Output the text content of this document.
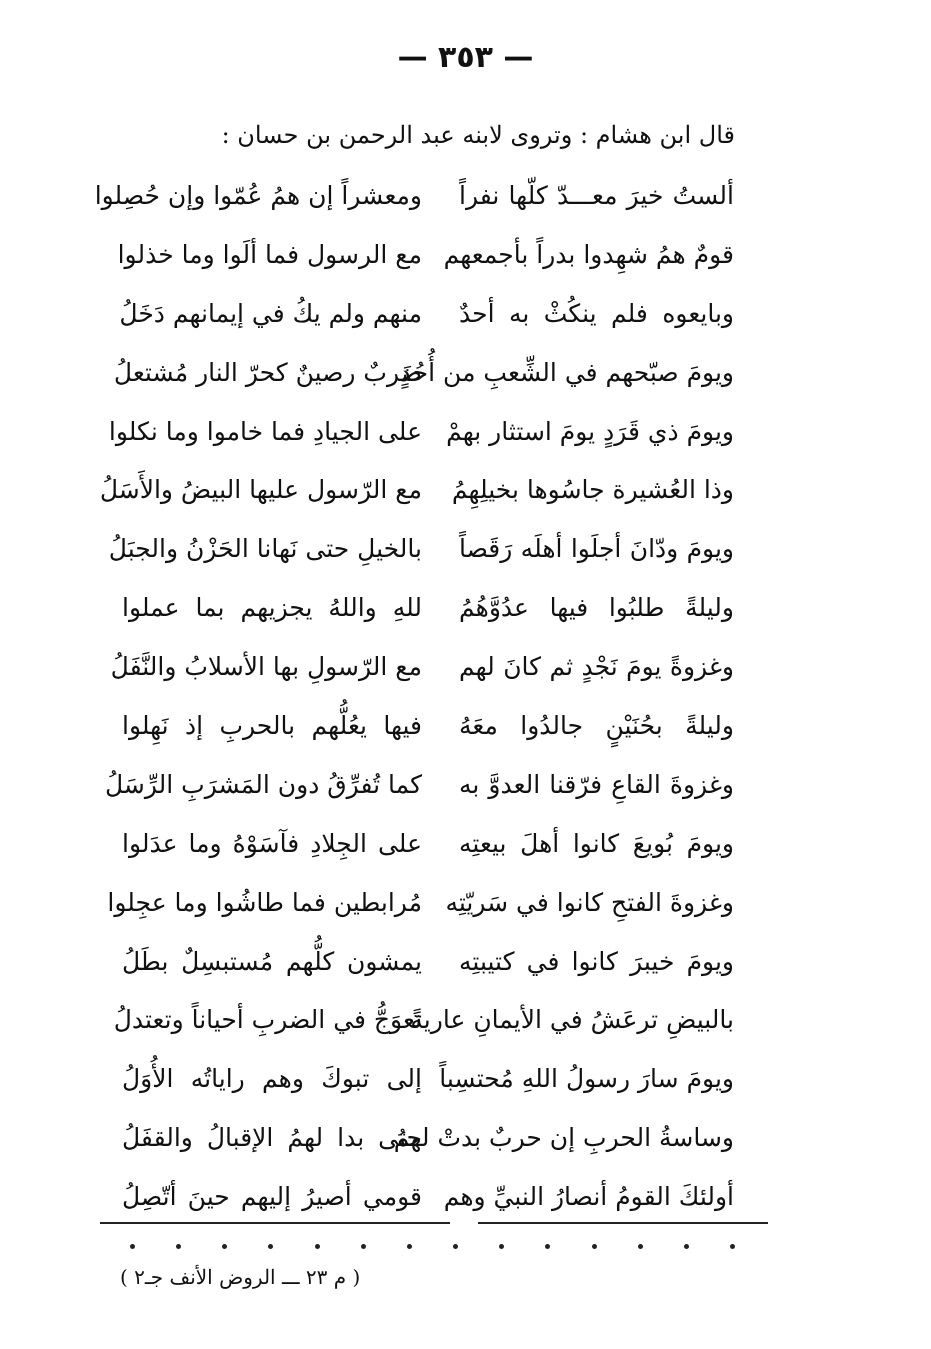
— ٣٥٣ —
قال ابن هشام : وتروى لابنه عبد الرحمن بن حسان :
ألستُ خيرَ معـــدّ كلّها نفراً
ومعشراً إن همُ عُمّوا وإن حُصِلوا
قومٌ همُ شهِدوا بدراً بأجمعهم
مع الرسول فما ألَوا وما خذلوا
وبايعوه فلم ينكُثْ به أحدٌ
منهم ولم يكُ في إيمانهم دَخَلُ
ويومَ صبّحهم في الشِّعبِ من أُحُدٍ
ضَربٌ رصينٌ كحرّ النار مُشتعلُ
ويومَ ذي قَرَدٍ يومَ استثار بهمْ
على الجيادِ فما خاموا وما نكلوا
وذا العُشيرة جاسُوها بخيلِهِمُ
مع الرّسول عليها البيضُ والأَسَلُ
ويومَ ودّانَ أجلَوا أهلَه رَقَصاً
بالخيلِ حتى نَهانا الحَزْنُ والجبَلُ
وليلةً طلبُوا فيها عدُوَّهُمُ
للهِ واللهُ يجزيهم بما عملوا
وغزوةً يومَ نَجْدٍ ثم كانَ لهم
مع الرّسولِ بها الأسلابُ والنَّفَلُ
وليلةً بحُنَيْنٍ جالدُوا معَهُ
فيها يعُلُّهم بالحربِ إذ نَهِلوا
وغزوةَ القاعِ فرّقنا العدوَّ به
كما تُفرِّقُ دون المَشرَبِ الرِّسَلُ
ويومَ بُويعَ كانوا أهلَ بيعتِه
على الجِلادِ فآسَوْهُ وما عدَلوا
وغزوةَ الفتحِ كانوا في سَريّتِه
مُرابطين فما طاشُوا وما عجِلوا
ويومَ خيبرَ كانوا في كتيبتِه
يمشون كلُّهم مُستبسِلٌ بطَلُ
بالبيضِ ترعَشُ في الأيمانِ عاريةً
تعوَجُّ في الضربِ أحياناً وتعتدلُ
ويومَ سارَ رسولُ اللهِ مُحتسِباً
إلى تبوكَ وهم راياتُه الأُوَلُ
وساسةُ الحربِ إن حربٌ بدتْ لهمُ
حتى بدا لهمُ الإقبالُ والقفَلُ
أولئكَ القومُ أنصارُ النبيِّ وهم
قومي أصيرُ إليهم حينَ أتّصِلُ
( م ٢٣ ـــ الروض الأنف جـ٢ )
